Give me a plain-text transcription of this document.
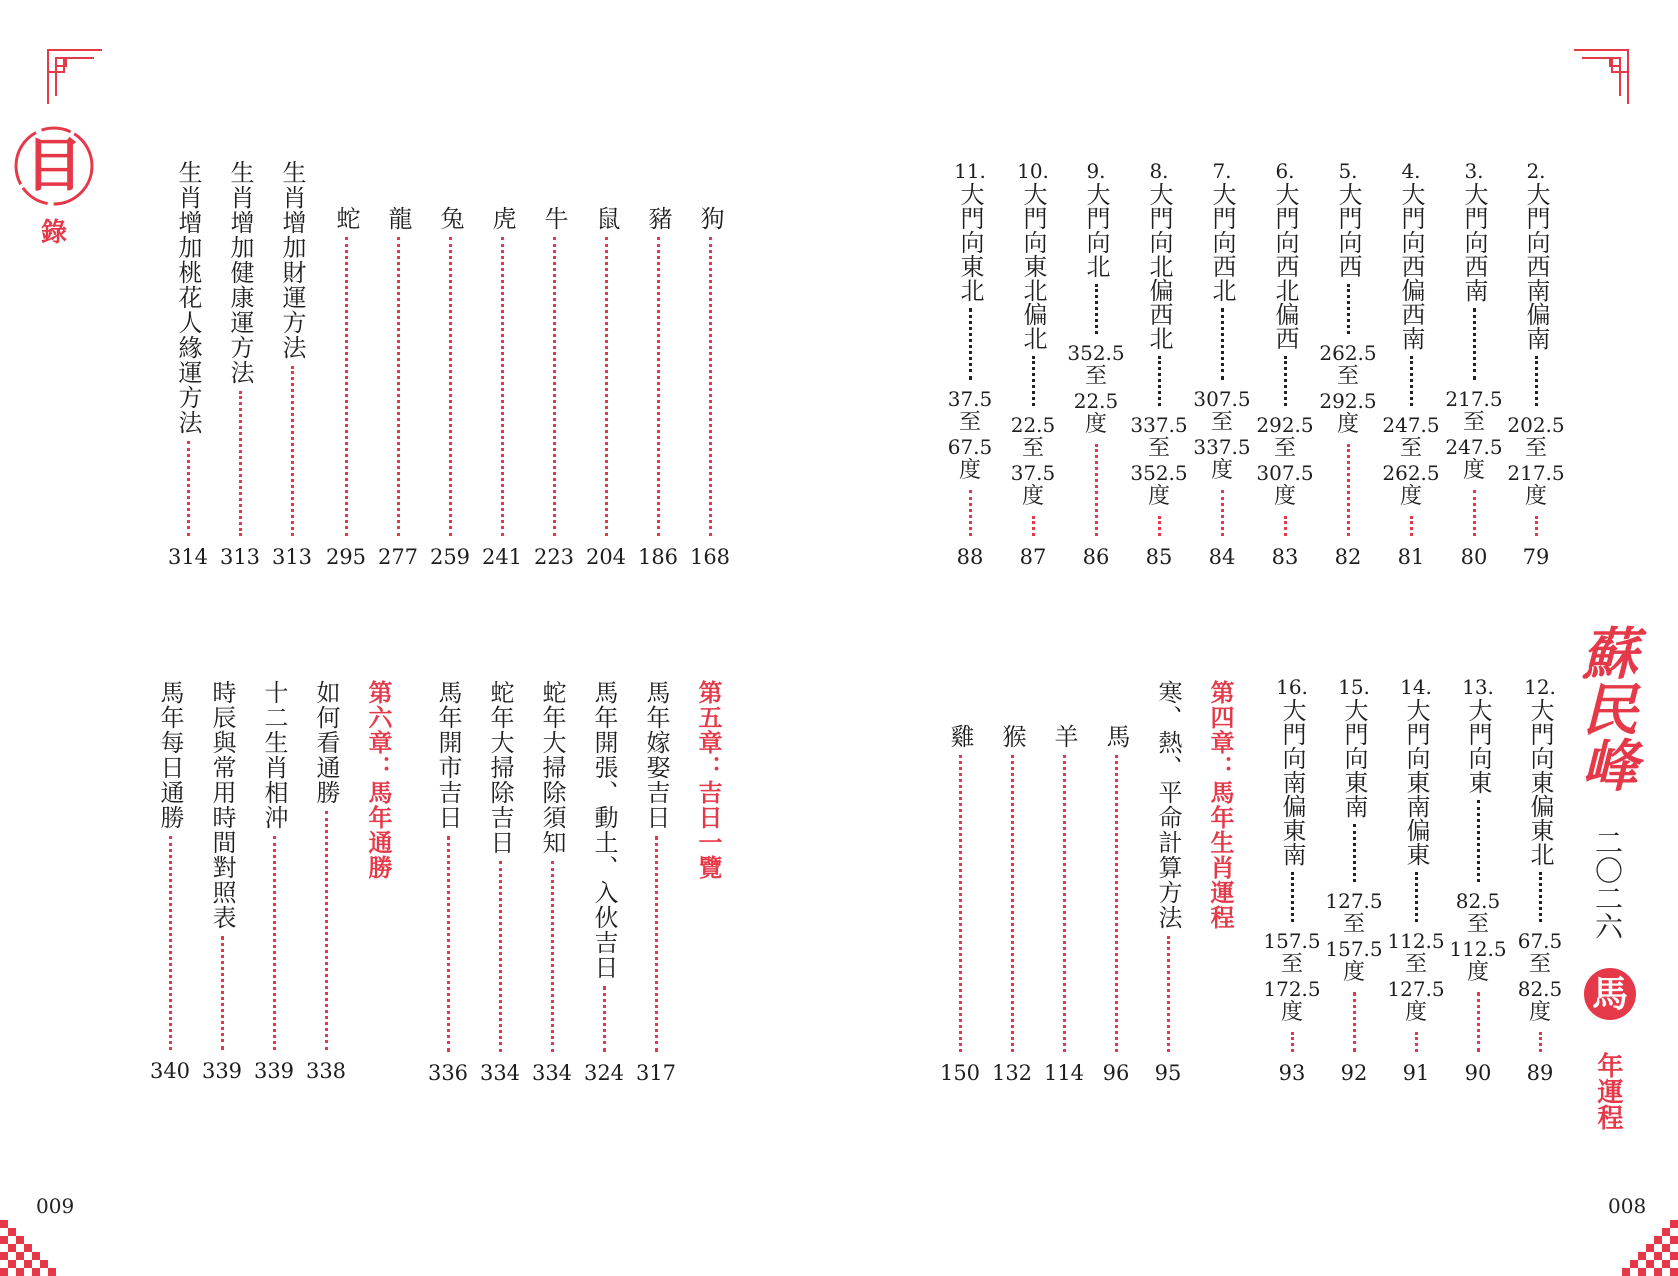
目
錄
蘇民峰
二〇二六
馬
年運程
009	008
2.
大門向西南偏南
202.5
至
217.5
度
79
3.
大門向西南
217.5
至
247.5
度
80
4.
大門向西偏西南
247.5
至
262.5
度
81
5.
大門向西
262.5
至
292.5
度
82
6.
大門向西北偏西
292.5
至
307.5
度
83
7.
大門向西北
307.5
至
337.5
度
84
8.
大門向北偏西北
337.5
至
352.5
度
85
9.
大門向北
352.5
至
22.5
度
86
10.
大門向東北偏北
22.5
至
37.5
度
87
11.
大門向東北
37.5
至
67.5
度
88
12.
大門向東偏東北
67.5
至
82.5
度
89
13.
大門向東
82.5
至
112.5
度
90
14.
大門向東南偏東
112.5
至
127.5
度
91
15.
大門向東南
127.5
至
157.5
度
92
16.
大門向南偏東南
157.5
至
172.5
度
93
第四章：馬年生肖運程
寒、熱、平命計算方法
95
馬
96
羊
114
猴
132
雞
150
狗
168
豬
186
鼠
204
牛
223
虎
241
兔
259
龍
277
蛇
295
生肖增加財運方法
313
生肖增加健康運方法
313
生肖增加桃花人緣運方法
314
第五章：吉日一覽
馬年嫁娶吉日
317
馬年開張、動土、入伙吉日
324
蛇年大掃除須知
334
蛇年大掃除吉日
334
馬年開市吉日
336
第六章：馬年通勝
如何看通勝
338
十二生肖相沖
339
時辰與常用時間對照表
339
馬年每日通勝
340
